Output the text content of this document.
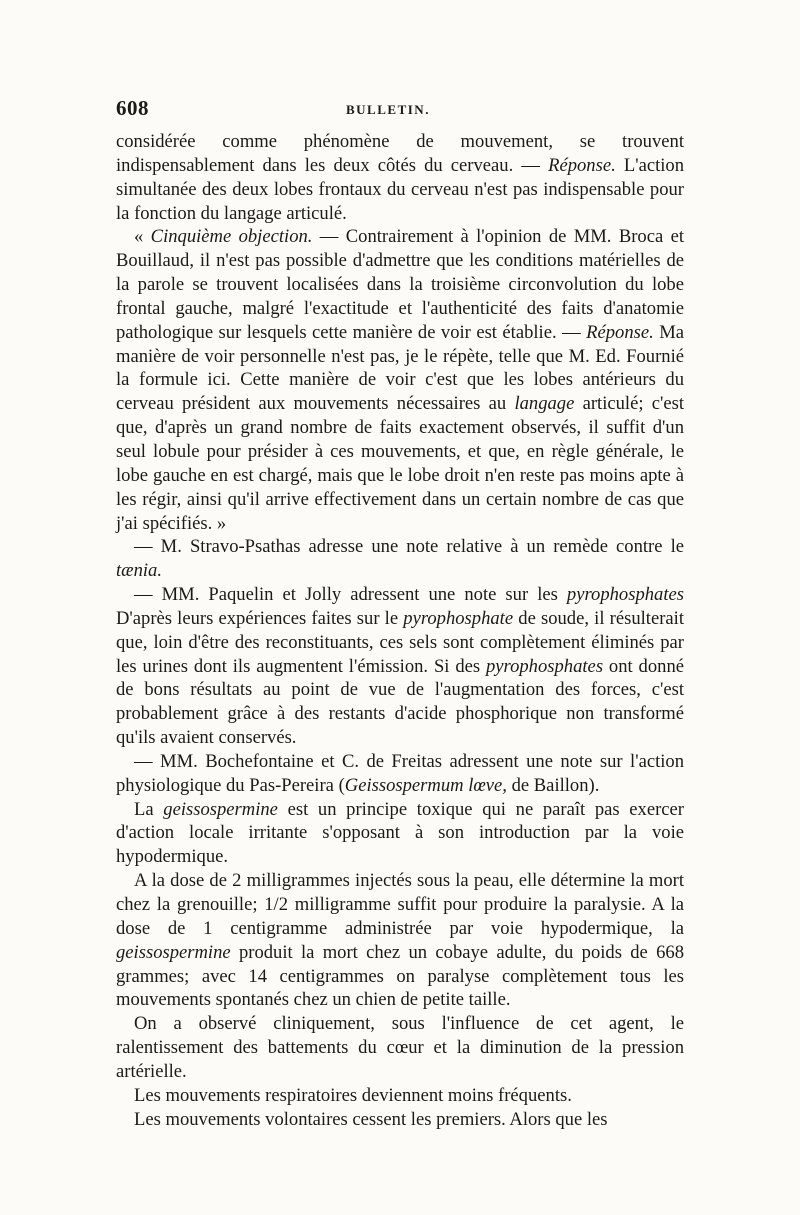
608	BULLETIN.

considérée comme phénomène de mouvement, se trouvent indispensablement dans les deux côtés du cerveau. — Réponse. L'action simultanée des deux lobes frontaux du cerveau n'est pas indispensable pour la fonction du langage articulé.

« Cinquième objection. — Contrairement à l'opinion de MM. Broca et Bouillaud, il n'est pas possible d'admettre que les conditions matérielles de la parole se trouvent localisées dans la troisième circonvolution du lobe frontal gauche, malgré l'exactitude et l'authenticité des faits d'anatomie pathologique sur lesquels cette manière de voir est établie. — Réponse. Ma manière de voir personnelle n'est pas, je le répète, telle que M. Ed. Fournié la formule ici. Cette manière de voir c'est que les lobes antérieurs du cerveau président aux mouvements nécessaires au langage articulé; c'est que, d'après un grand nombre de faits exactement observés, il suffit d'un seul lobule pour présider à ces mouvements, et que, en règle générale, le lobe gauche en est chargé, mais que le lobe droit n'en reste pas moins apte à les régir, ainsi qu'il arrive effectivement dans un certain nombre de cas que j'ai spécifiés. »

— M. Stravo-Psathas adresse une note relative à un remède contre le tænia.

— MM. Paquelin et Jolly adressent une note sur les pyrophosphates D'après leurs expériences faites sur le pyrophosphate de soude, il résulterait que, loin d'être des reconstituants, ces sels sont complètement éliminés par les urines dont ils augmentent l'émission. Si des pyrophosphates ont donné de bons résultats au point de vue de l'augmentation des forces, c'est probablement grâce à des restants d'acide phosphorique non transformé qu'ils avaient conservés.

— MM. Bochefontaine et C. de Freitas adressent une note sur l'action physiologique du Pas-Pereira (Geissospermum lœve, de Baillon).

La geissospermine est un principe toxique qui ne paraît pas exercer d'action locale irritante s'opposant à son introduction par la voie hypodermique.

A la dose de 2 milligrammes injectés sous la peau, elle détermine la mort chez la grenouille; 1/2 milligramme suffit pour produire la paralysie. A la dose de 1 centigramme administrée par voie hypodermique, la geissospermine produit la mort chez un cobaye adulte, du poids de 668 grammes; avec 14 centigrammes on paralyse complètement tous les mouvements spontanés chez un chien de petite taille.

On a observé cliniquement, sous l'influence de cet agent, le ralentissement des battements du cœur et la diminution de la pression artérielle.

Les mouvements respiratoires deviennent moins fréquents.

Les mouvements volontaires cessent les premiers. Alors que les
